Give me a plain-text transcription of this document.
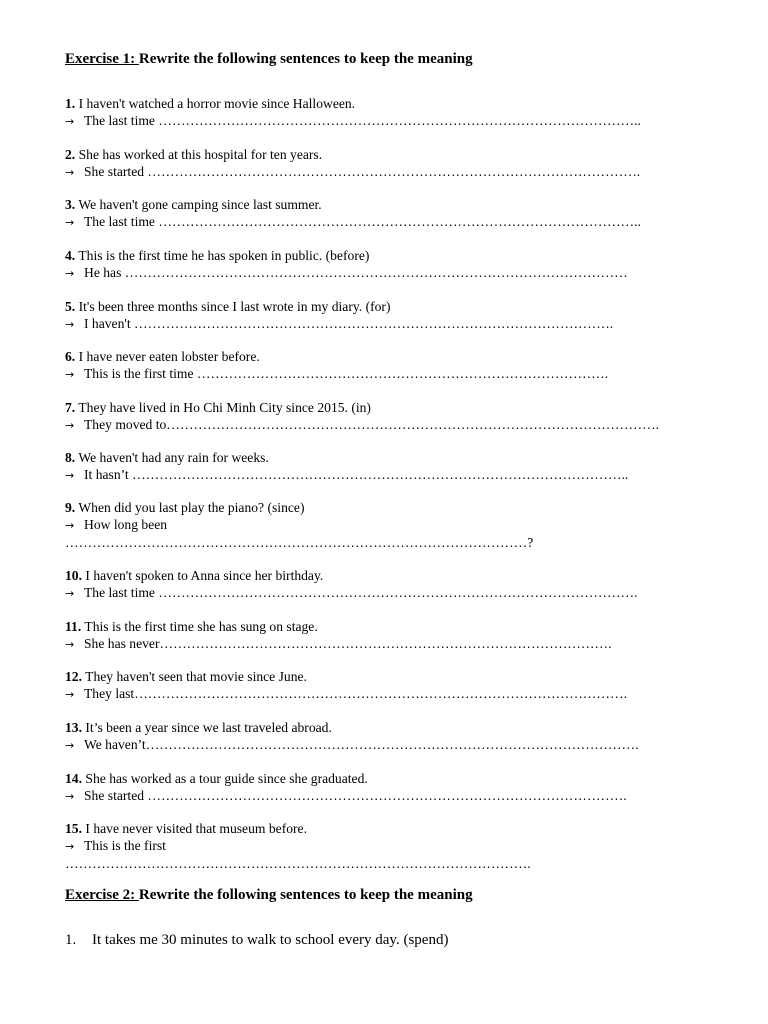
Exercise 1: Rewrite the following sentences to keep the meaning
1. I haven't watched a horror movie since Halloween.
→ The last time ……………………………………………………………………………………………..
2. She has worked at this hospital for ten years.
→ She started ……………………………………………………………………………………………….
3. We haven't gone camping since last summer.
→ The last time ……………………………………………………………………………………………..
4. This is the first time he has spoken in public. (before)
→ He has …………………………………………………………………………………………………
5. It's been three months since I last wrote in my diary. (for)
→ I haven't …………………………………………………………………………………………….
6. I have never eaten lobster before.
→ This is the first time ……………………………………………………………………………….
7. They have lived in Ho Chi Minh City since 2015. (in)
→ They moved to……………………………………………………………………………………………….
8. We haven't had any rain for weeks.
→ It hasn’t ………………………………………………………………………………………………..
9. When did you last play the piano? (since)
→ How long been
…………………………………………………………………………………………?
10. I haven't spoken to Anna since her birthday.
→ The last time …………………………………………………………………………………………….
11. This is the first time she has sung on stage.
→ She has never……………………………………………………………………………………….
12. They haven't seen that movie since June.
→ They last……………………………………………………………………………………………….
13. It’s been a year since we last traveled abroad.
→ We haven’t……………………………………………………………………………………………….
14. She has worked as a tour guide since she graduated.
→ She started …………………………………………………………………………………………….
15. I have never visited that museum before.
→ This is the first
………………………………………………………………………………………….
Exercise 2: Rewrite the following sentences to keep the meaning
1. It takes me 30 minutes to walk to school every day. (spend)
